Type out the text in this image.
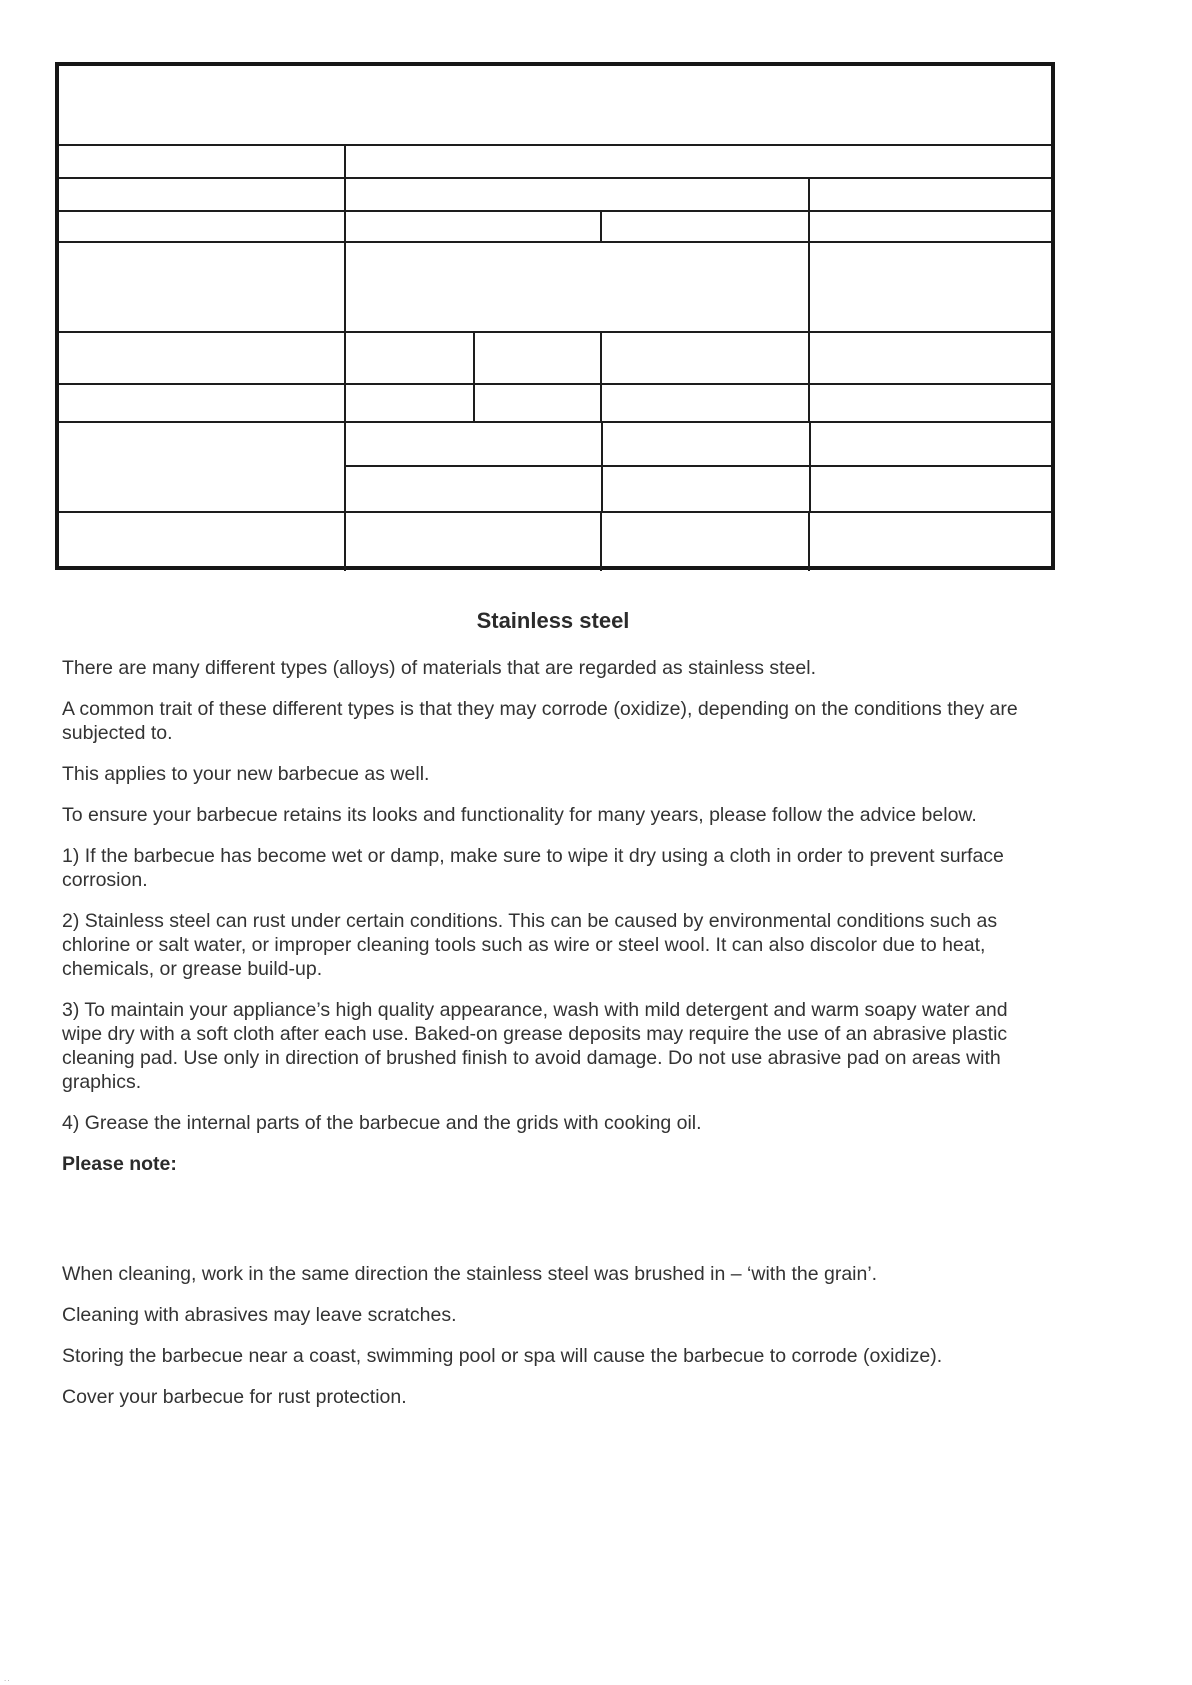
Stainless steel

There are many different types (alloys) of materials that are regarded as stainless steel.

A common trait of these different types is that they may corrode (oxidize), depending on the conditions they are subjected to.

This applies to your new barbecue as well.

To ensure your barbecue retains its looks and functionality for many years, please follow the advice below.

1) If the barbecue has become wet or damp, make sure to wipe it dry using a cloth in order to prevent surface corrosion.

2) Stainless steel can rust under certain conditions. This can be caused by environmental conditions such as chlorine or salt water, or improper cleaning tools such as wire or steel wool. It can also discolor due to heat, chemicals, or grease build-up.

3) To maintain your appliance’s high quality appearance, wash with mild detergent and warm soapy water and wipe dry with a soft cloth after each use. Baked-on grease deposits may require the use of an abrasive plastic cleaning pad. Use only in direction of brushed finish to avoid damage. Do not use abrasive pad on areas with graphics.

4) Grease the internal parts of the barbecue and the grids with cooking oil.

Please note:

When cleaning, work in the same direction the stainless steel was brushed in – ‘with the grain’.

Cleaning with abrasives may leave scratches.

Storing the barbecue near a coast, swimming pool or spa will cause the barbecue to corrode (oxidize).

Cover your barbecue for rust protection.

..
